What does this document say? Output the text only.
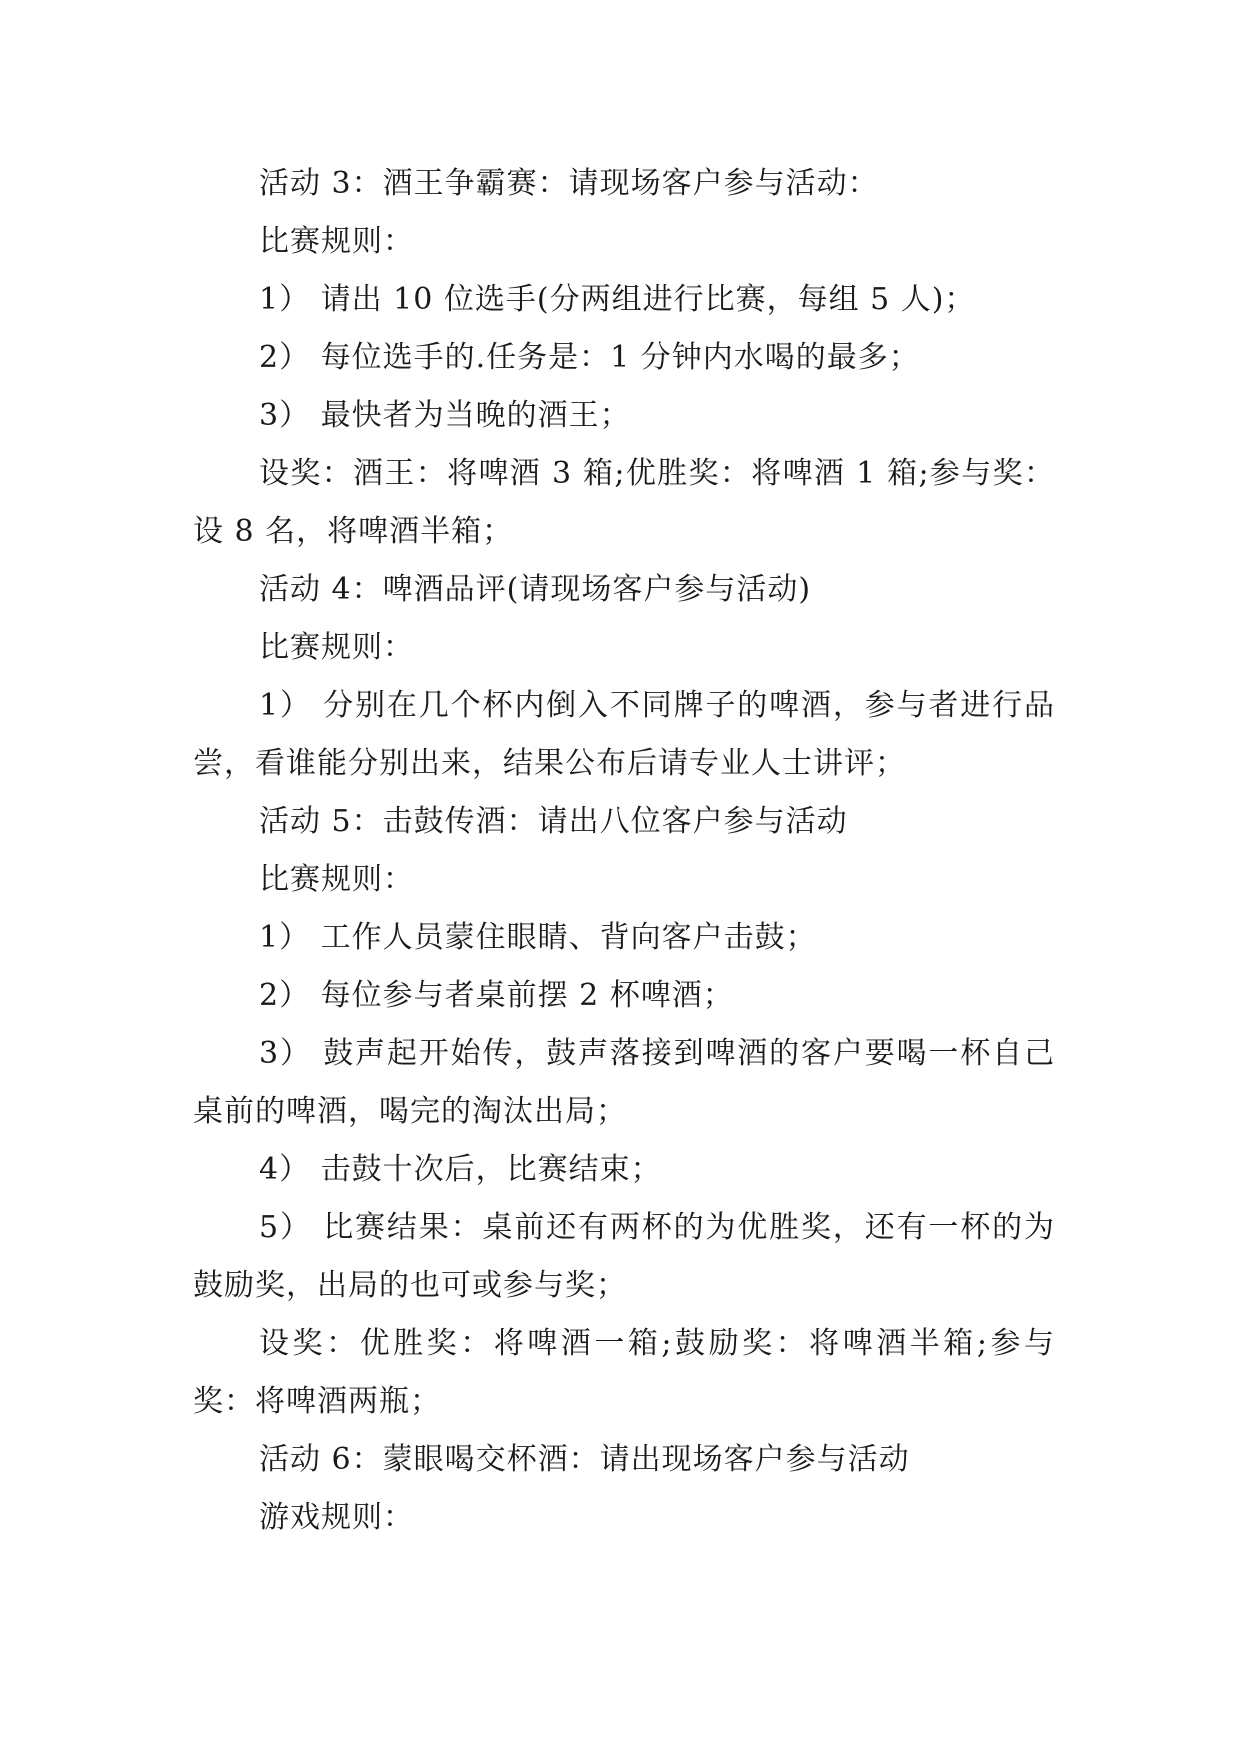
活动 3：酒王争霸赛：请现场客户参与活动：

比赛规则：

1） 请出 10 位选手(分两组进行比赛，每组 5 人)；

2） 每位选手的.任务是：1 分钟内水喝的最多；

3） 最快者为当晚的酒王；

设奖：酒王：将啤酒 3 箱;优胜奖：将啤酒 1 箱;参与奖：设 8 名，将啤酒半箱；

活动 4：啤酒品评(请现场客户参与活动)

比赛规则：

1） 分别在几个杯内倒入不同牌子的啤酒，参与者进行品尝，看谁能分别出来，结果公布后请专业人士讲评；

活动 5：击鼓传酒：请出八位客户参与活动

比赛规则：

1） 工作人员蒙住眼睛、背向客户击鼓；

2） 每位参与者桌前摆 2 杯啤酒；

3） 鼓声起开始传，鼓声落接到啤酒的客户要喝一杯自己桌前的啤酒，喝完的淘汰出局；

4） 击鼓十次后，比赛结束；

5） 比赛结果：桌前还有两杯的为优胜奖，还有一杯的为鼓励奖，出局的也可或参与奖；

设奖：优胜奖：将啤酒一箱;鼓励奖：将啤酒半箱;参与奖：将啤酒两瓶；

活动 6：蒙眼喝交杯酒：请出现场客户参与活动

游戏规则：
